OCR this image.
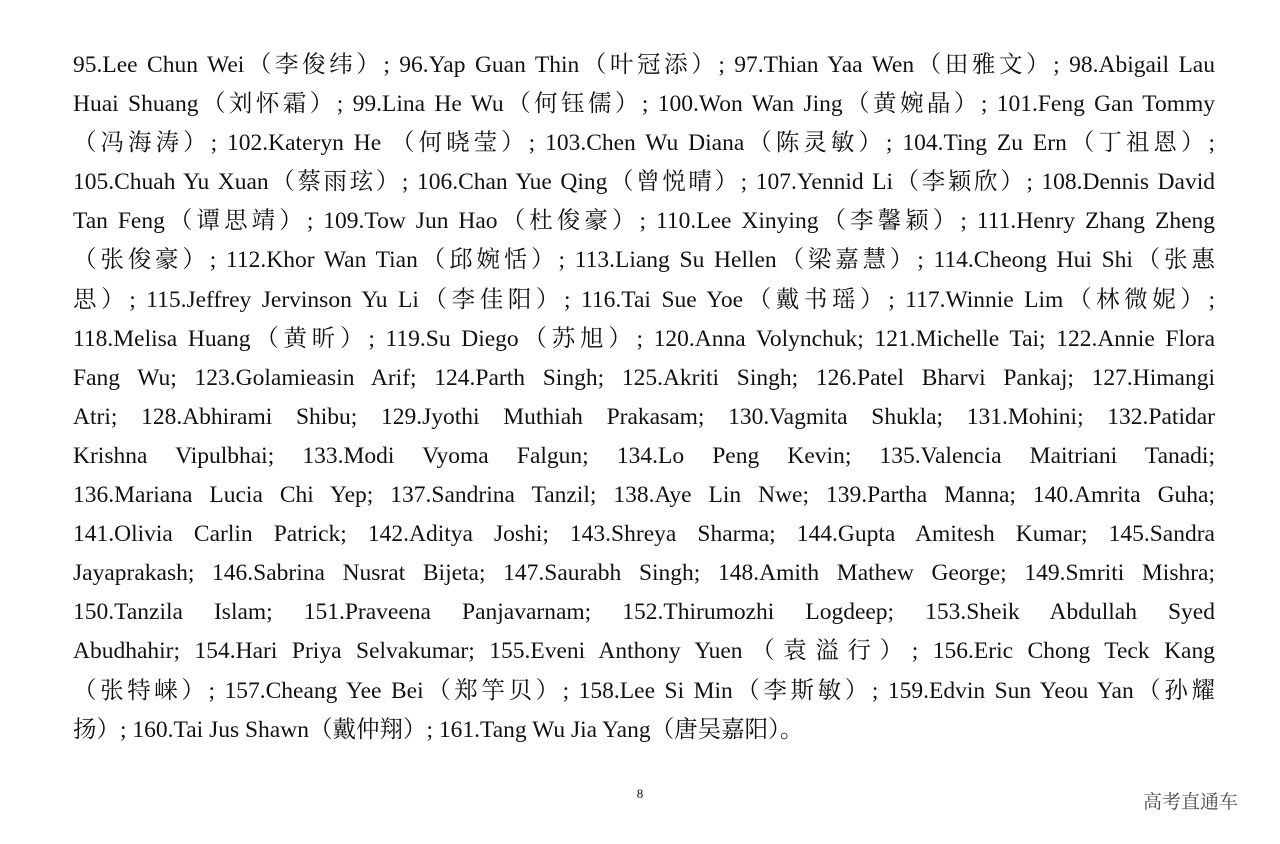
95.Lee Chun Wei（李俊纬）; 96.Yap Guan Thin（叶冠添）; 97.Thian Yaa Wen（田雅文）; 98.Abigail Lau
Huai Shuang（刘怀霜）; 99.Lina He Wu（何钰儒）; 100.Won Wan Jing（黄婉晶）; 101.Feng Gan Tommy
（冯海涛）; 102.Kateryn He （何晓莹）; 103.Chen Wu Diana（陈灵敏）; 104.Ting Zu Ern（丁祖恩）;
105.Chuah Yu Xuan（蔡雨玹）; 106.Chan Yue Qing（曾悦晴）; 107.Yennid Li（李颖欣）; 108.Dennis David
Tan Feng（谭思靖）; 109.Tow Jun Hao（杜俊豪）; 110.Lee Xinying（李馨颖）; 111.Henry Zhang Zheng
（张俊豪）; 112.Khor Wan Tian（邱婉恬）; 113.Liang Su Hellen（梁嘉慧）; 114.Cheong Hui Shi（张惠
思）; 115.Jeffrey Jervinson Yu Li（李佳阳）; 116.Tai Sue Yoe（戴书瑶）; 117.Winnie Lim（林微妮）;
118.Melisa Huang（黄昕）; 119.Su Diego（苏旭）; 120.Anna Volynchuk; 121.Michelle Tai; 122.Annie Flora
Fang Wu; 123.Golamieasin Arif; 124.Parth Singh; 125.Akriti Singh; 126.Patel Bharvi Pankaj; 127.Himangi
Atri; 128.Abhirami Shibu; 129.Jyothi Muthiah Prakasam; 130.Vagmita Shukla; 131.Mohini; 132.Patidar
Krishna Vipulbhai; 133.Modi Vyoma Falgun; 134.Lo Peng Kevin; 135.Valencia Maitriani Tanadi;
136.Mariana Lucia Chi Yep; 137.Sandrina Tanzil; 138.Aye Lin Nwe; 139.Partha Manna; 140.Amrita Guha;
141.Olivia Carlin Patrick; 142.Aditya Joshi; 143.Shreya Sharma; 144.Gupta Amitesh Kumar; 145.Sandra
Jayaprakash; 146.Sabrina Nusrat Bijeta; 147.Saurabh Singh; 148.Amith Mathew George; 149.Smriti Mishra;
150.Tanzila Islam; 151.Praveena Panjavarnam; 152.Thirumozhi Logdeep; 153.Sheik Abdullah Syed
Abudhahir; 154.Hari Priya Selvakumar; 155.Eveni Anthony Yuen（袁溢行）; 156.Eric Chong Teck Kang
（张特崃）; 157.Cheang Yee Bei（郑竽贝）; 158.Lee Si Min（李斯敏）; 159.Edvin Sun Yeou Yan（孙耀
扬）; 160.Tai Jus Shawn（戴仲翔）; 161.Tang Wu Jia Yang（唐吴嘉阳）。
8	高考直通车
